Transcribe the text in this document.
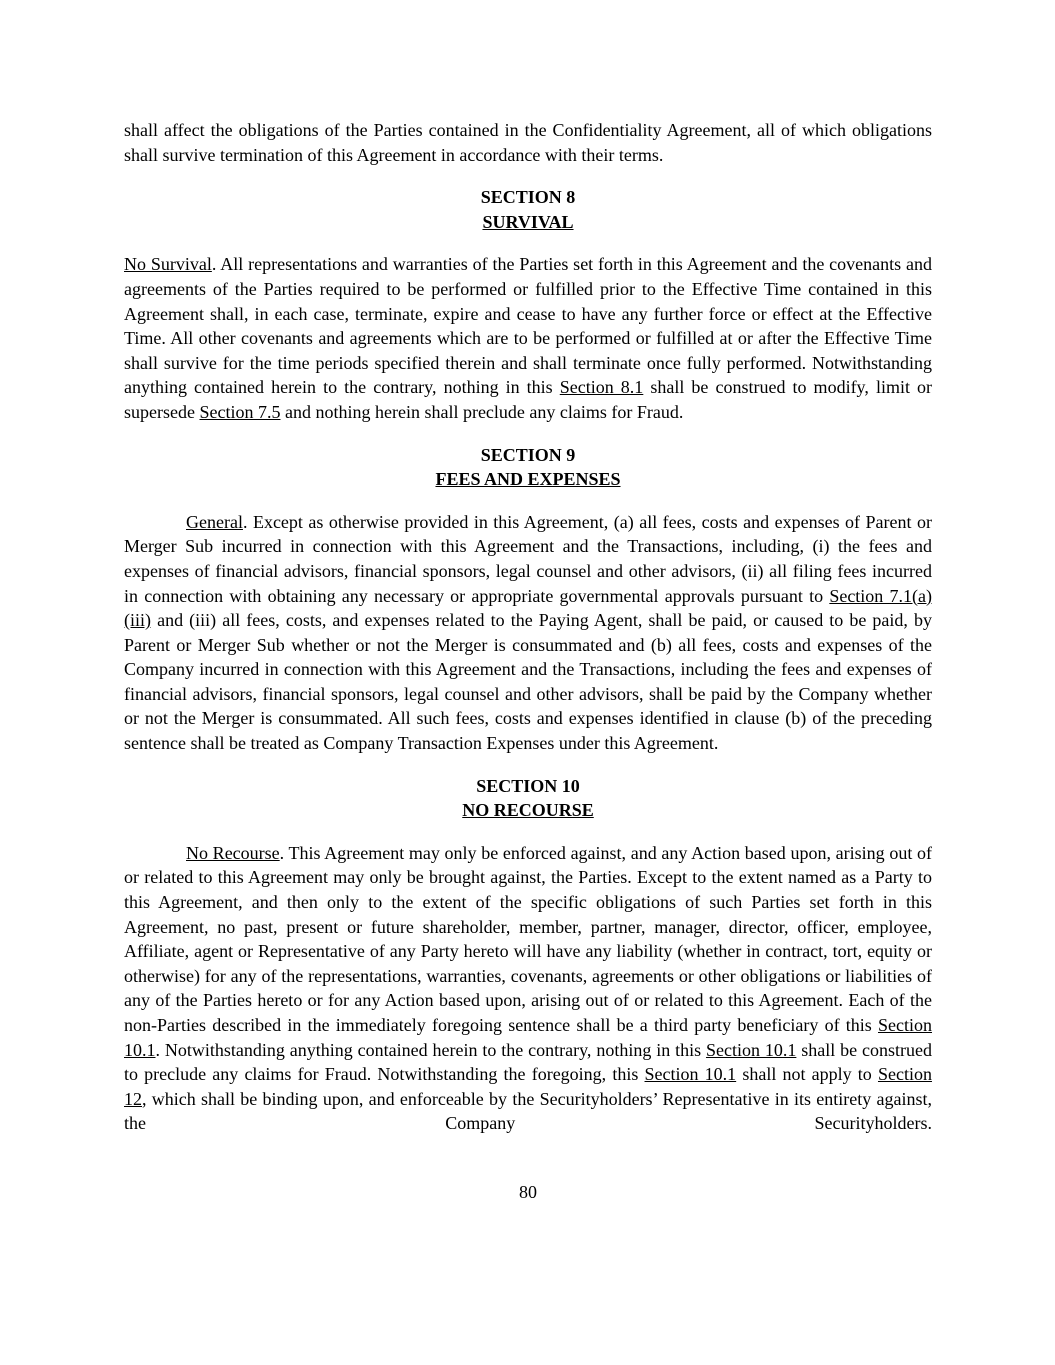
shall affect the obligations of the Parties contained in the Confidentiality Agreement, all of which obligations shall survive termination of this Agreement in accordance with their terms.

SECTION 8
SURVIVAL

No Survival. All representations and warranties of the Parties set forth in this Agreement and the covenants and agreements of the Parties required to be performed or fulfilled prior to the Effective Time contained in this Agreement shall, in each case, terminate, expire and cease to have any further force or effect at the Effective Time. All other covenants and agreements which are to be performed or fulfilled at or after the Effective Time shall survive for the time periods specified therein and shall terminate once fully performed. Notwithstanding anything contained herein to the contrary, nothing in this Section 8.1 shall be construed to modify, limit or supersede Section 7.5 and nothing herein shall preclude any claims for Fraud.

SECTION 9
FEES AND EXPENSES

General. Except as otherwise provided in this Agreement, (a) all fees, costs and expenses of Parent or Merger Sub incurred in connection with this Agreement and the Transactions, including, (i) the fees and expenses of financial advisors, financial sponsors, legal counsel and other advisors, (ii) all filing fees incurred in connection with obtaining any necessary or appropriate governmental approvals pursuant to Section 7.1(a)(iii) and (iii) all fees, costs, and expenses related to the Paying Agent, shall be paid, or caused to be paid, by Parent or Merger Sub whether or not the Merger is consummated and (b) all fees, costs and expenses of the Company incurred in connection with this Agreement and the Transactions, including the fees and expenses of financial advisors, financial sponsors, legal counsel and other advisors, shall be paid by the Company whether or not the Merger is consummated. All such fees, costs and expenses identified in clause (b) of the preceding sentence shall be treated as Company Transaction Expenses under this Agreement.

SECTION 10
NO RECOURSE

No Recourse. This Agreement may only be enforced against, and any Action based upon, arising out of or related to this Agreement may only be brought against, the Parties. Except to the extent named as a Party to this Agreement, and then only to the extent of the specific obligations of such Parties set forth in this Agreement, no past, present or future shareholder, member, partner, manager, director, officer, employee, Affiliate, agent or Representative of any Party hereto will have any liability (whether in contract, tort, equity or otherwise) for any of the representations, warranties, covenants, agreements or other obligations or liabilities of any of the Parties hereto or for any Action based upon, arising out of or related to this Agreement. Each of the non-Parties described in the immediately foregoing sentence shall be a third party beneficiary of this Section 10.1. Notwithstanding anything contained herein to the contrary, nothing in this Section 10.1 shall be construed to preclude any claims for Fraud. Notwithstanding the foregoing, this Section 10.1 shall not apply to Section 12, which shall be binding upon, and enforceable by the Securityholders’ Representative in its entirety against, the Company Securityholders.

80
